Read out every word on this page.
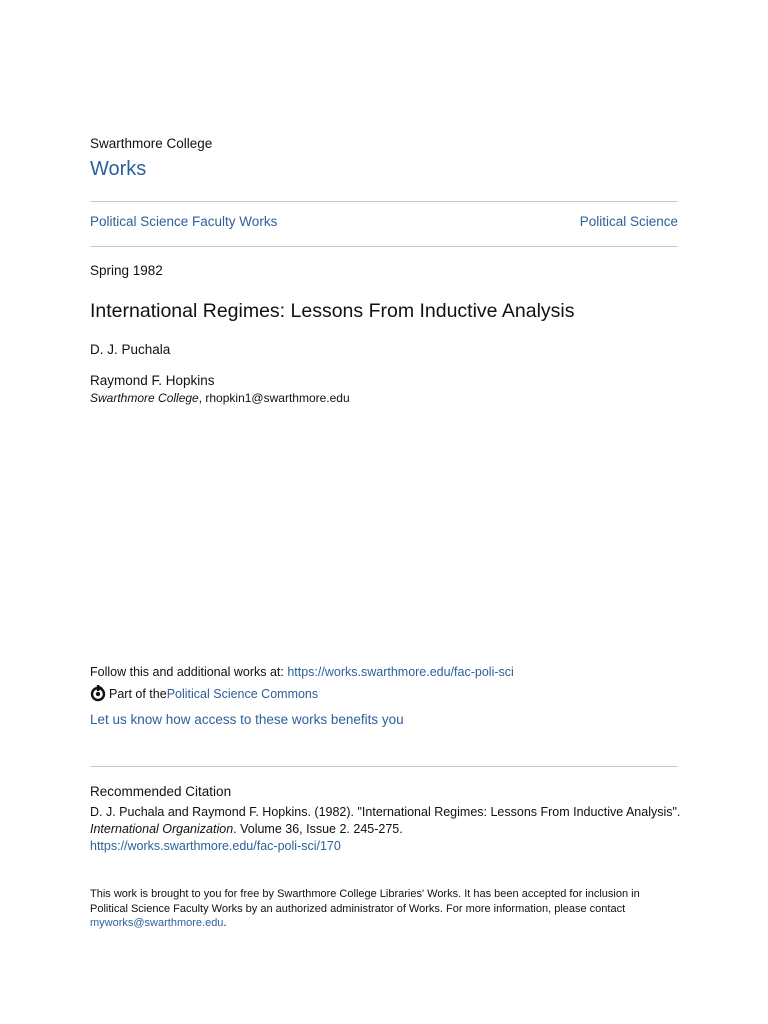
Swarthmore College
Works
Political Science Faculty Works	Political Science
Spring 1982
International Regimes: Lessons From Inductive Analysis
D. J. Puchala
Raymond F. Hopkins
Swarthmore College, rhopkin1@swarthmore.edu
Follow this and additional works at: https://works.swarthmore.edu/fac-poli-sci
Part of the Political Science Commons
Let us know how access to these works benefits you
Recommended Citation
D. J. Puchala and Raymond F. Hopkins. (1982). "International Regimes: Lessons From Inductive Analysis".
International Organization. Volume 36, Issue 2. 245-275.
https://works.swarthmore.edu/fac-poli-sci/170
This work is brought to you for free by Swarthmore College Libraries' Works. It has been accepted for inclusion in Political Science Faculty Works by an authorized administrator of Works. For more information, please contact myworks@swarthmore.edu.
